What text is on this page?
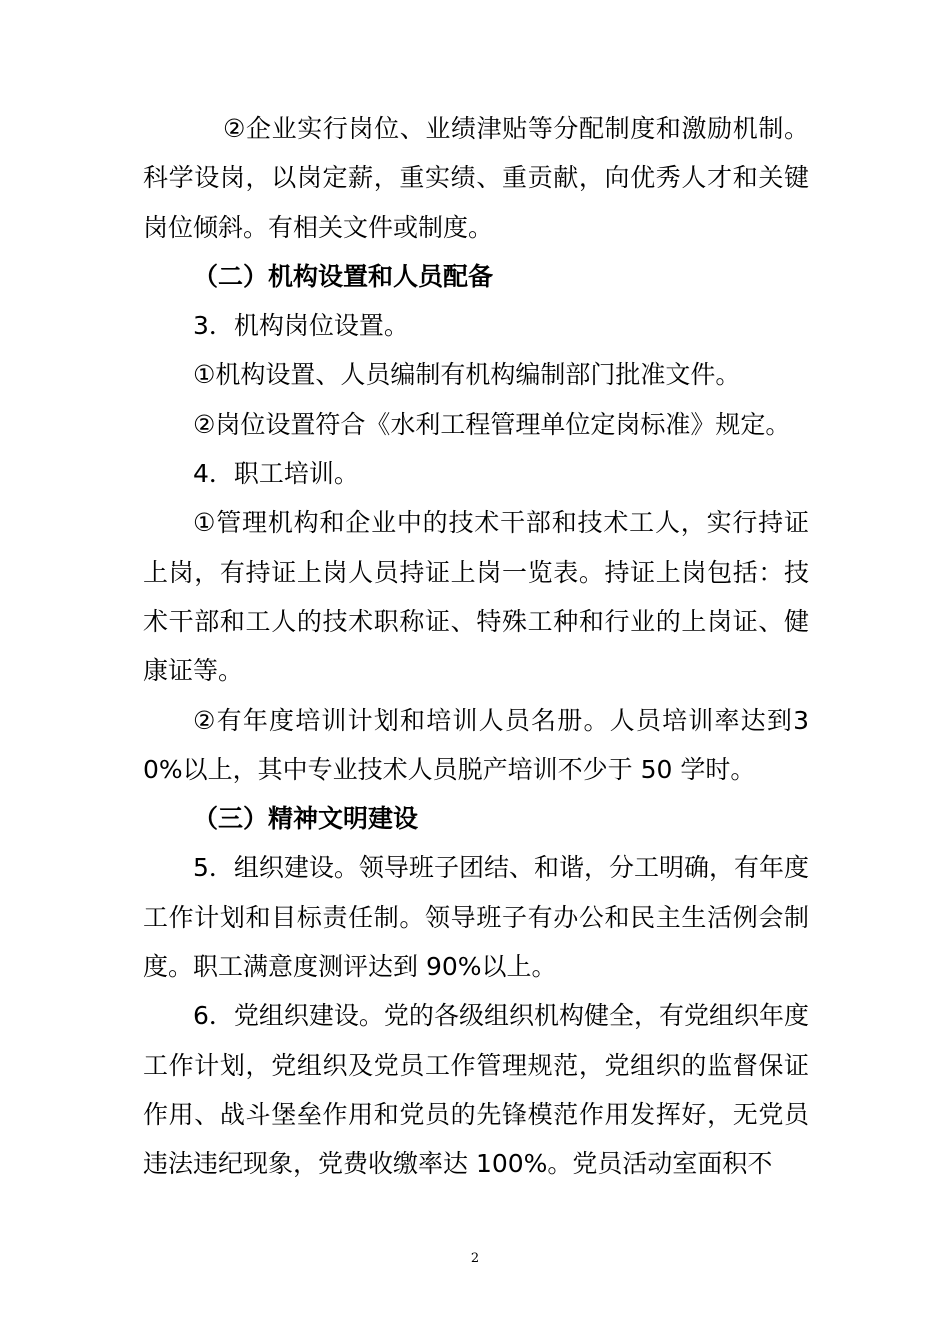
②企业实行岗位、业绩津贴等分配制度和激励机制。科学设岗，以岗定薪，重实绩、重贡献，向优秀人才和关键岗位倾斜。有相关文件或制度。

（二）机构设置和人员配备

3．机构岗位设置。

①机构设置、人员编制有机构编制部门批准文件。

②岗位设置符合《水利工程管理单位定岗标准》规定。

4．职工培训。

①管理机构和企业中的技术干部和技术工人，实行持证上岗，有持证上岗人员持证上岗一览表。持证上岗包括：技术干部和工人的技术职称证、特殊工种和行业的上岗证、健康证等。

②有年度培训计划和培训人员名册。人员培训率达到30%以上，其中专业技术人员脱产培训不少于 50 学时。

（三）精神文明建设

5．组织建设。领导班子团结、和谐，分工明确，有年度工作计划和目标责任制。领导班子有办公和民主生活例会制度。职工满意度测评达到 90%以上。

6．党组织建设。党的各级组织机构健全，有党组织年度工作计划，党组织及党员工作管理规范，党组织的监督保证作用、战斗堡垒作用和党员的先锋模范作用发挥好，无党员违法违纪现象，党费收缴率达 100%。党员活动室面积不

2
